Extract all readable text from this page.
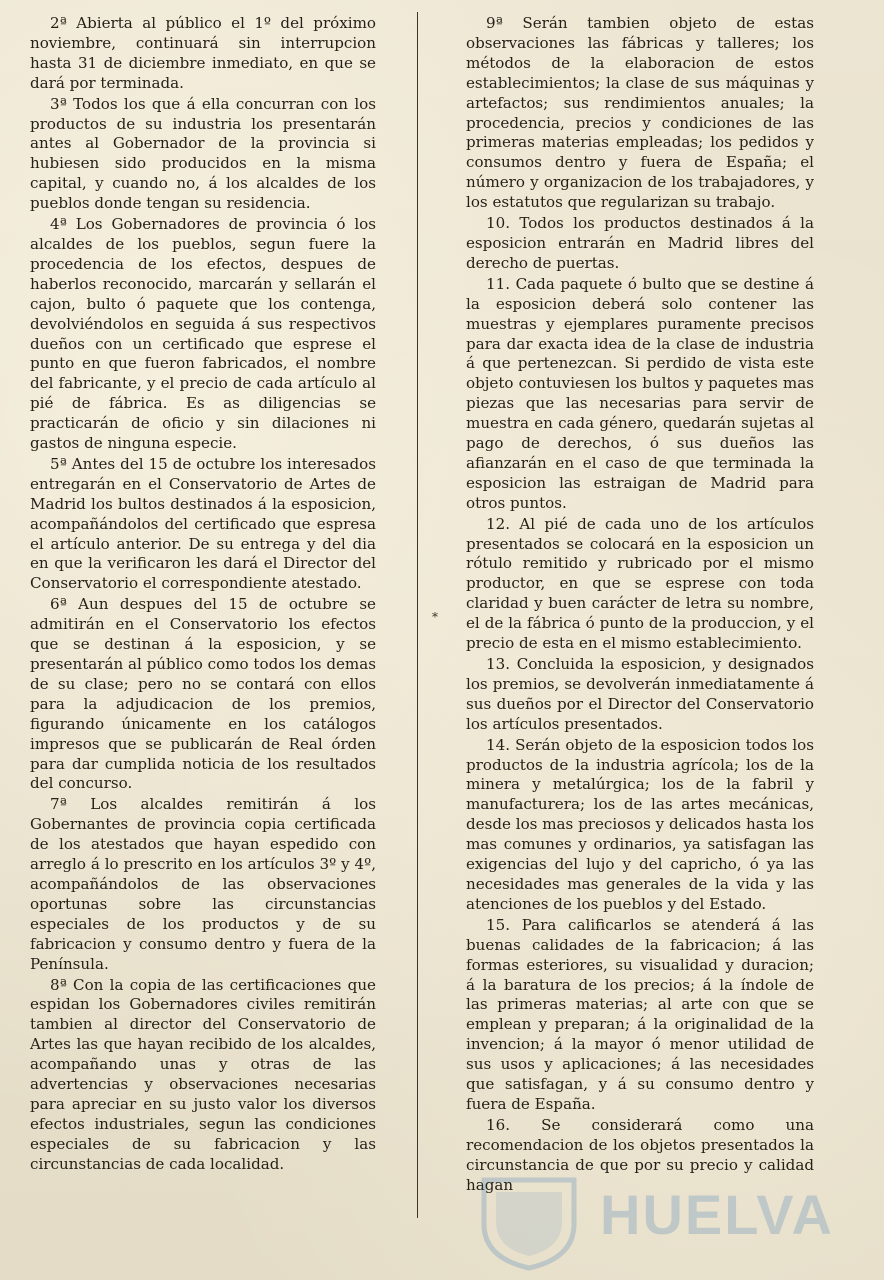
2ª Abierta al público el 1º del próximo noviembre, continuará sin interrupcion hasta 31 de diciembre inmediato, en que se dará por terminada.

3ª Todos los que á ella concurran con los productos de su industria los presentarán antes al Gobernador de la provincia si hubiesen sido producidos en la misma capital, y cuando no, á los alcaldes de los pueblos donde tengan su residencia.

4ª Los Gobernadores de provincia ó los alcaldes de los pueblos, segun fuere la procedencia de los efectos, despues de haberlos reconocido, marcarán y sellarán el cajon, bulto ó paquete que los contenga, devolviéndolos en seguida á sus respectivos dueños con un certificado que esprese el punto en que fueron fabricados, el nombre del fabricante, y el precio de cada artículo al pié de fábrica. Es as diligencias se practicarán de oficio y sin dilaciones ni gastos de ninguna especie.

5ª Antes del 15 de octubre los interesados entregarán en el Conservatorio de Artes de Madrid los bultos destinados á la esposicion, acompañándolos del certificado que espresa el artículo anterior. De su entrega y del dia en que la verificaron les dará el Director del Conservatorio el correspondiente atestado.

6ª Aun despues del 15 de octubre se admitirán en el Conservatorio los efectos que se destinan á la esposicion, y se presentarán al público como todos los demas de su clase; pero no se contará con ellos para la adjudicacion de los premios, figurando únicamente en los catálogos impresos que se publicarán de Real órden para dar cumplida noticia de los resultados del concurso.

7ª Los alcaldes remitirán á los Gobernantes de provincia copia certificada de los atestados que hayan espedido con arreglo á lo prescrito en los artículos 3º y 4º, acompañándolos de las observaciones oportunas sobre las circunstancias especiales de los productos y de su fabricacion y consumo dentro y fuera de la Península.

8ª Con la copia de las certificaciones que espidan los Gobernadores civiles remitirán tambien al director del Conservatorio de Artes las que hayan recibido de los alcaldes, acompañando unas y otras de las advertencias y observaciones necesarias para apreciar en su justo valor los diversos efectos industriales, segun las condiciones especiales de su fabricacion y las circunstancias de cada localidad.

*

9ª Serán tambien objeto de estas observaciones las fábricas y talleres; los métodos de la elaboracion de estos establecimientos; la clase de sus máquinas y artefactos; sus rendimientos anuales; la procedencia, precios y condiciones de las primeras materias empleadas; los pedidos y consumos dentro y fuera de España; el número y organizacion de los trabajadores, y los estatutos que regularizan su trabajo.

10. Todos los productos destinados á la esposicion entrarán en Madrid libres del derecho de puertas.

11. Cada paquete ó bulto que se destine á la esposicion deberá solo contener las muestras y ejemplares puramente precisos para dar exacta idea de la clase de industria á que pertenezcan. Si perdido de vista este objeto contuviesen los bultos y paquetes mas piezas que las necesarias para servir de muestra en cada género, quedarán sujetas al pago de derechos, ó sus dueños las afianzarán en el caso de que terminada la esposicion las estraigan de Madrid para otros puntos.

12. Al pié de cada uno de los artículos presentados se colocará en la esposicion un rótulo remitido y rubricado por el mismo productor, en que se esprese con toda claridad y buen carácter de letra su nombre, el de la fábrica ó punto de la produccion, y el precio de esta en el mismo establecimiento.

13. Concluida la esposicion, y designados los premios, se devolverán inmediatamente á sus dueños por el Director del Conservatorio los artículos presentados.

14. Serán objeto de la esposicion todos los productos de la industria agrícola; los de la minera y metalúrgica; los de la fabril y manufacturera; los de las artes mecánicas, desde los mas preciosos y delicados hasta los mas comunes y ordinarios, ya satisfagan las exigencias del lujo y del capricho, ó ya las necesidades mas generales de la vida y las atenciones de los pueblos y del Estado.

15. Para calificarlos se atenderá á las buenas calidades de la fabricacion; á las formas esteriores, su visualidad y duracion; á la baratura de los precios; á la índole de las primeras materias; al arte con que se emplean y preparan; á la originalidad de la invencion; á la mayor ó menor utilidad de sus usos y aplicaciones; á las necesidades que satisfagan, y á su consumo dentro y fuera de España.

16. Se considerará como una recomendacion de los objetos presentados la circunstancia de que por su precio y calidad hagan	HUELVA
